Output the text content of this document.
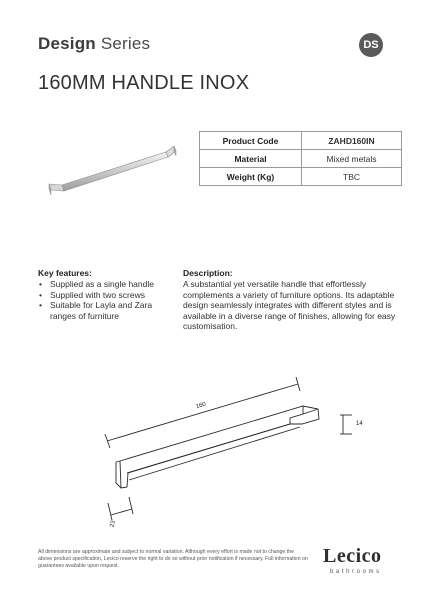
Design Series	DS
160MM HANDLE INOX
Product Code	ZAHD160IN
Material	Mixed metals
Weight (Kg)	TBC
Key features:
• Supplied as a single handle
• Supplied with two screws
• Suitable for Layla and Zara ranges of furniture
Description:
A substantial yet versatile handle that effortlessly complements a variety of furniture options. Its adaptable design seamlessly integrates with different styles and is available in a diverse range of finishes, allowing for easy customisation.
160
14
23
All dimensions are approximate and subject to normal variation. Although every effort is made not to change the above product specification, Lecico reserve the right to do so without prior notification if necessary. Full information on guarantees available upon request.	Lecico
bathrooms
